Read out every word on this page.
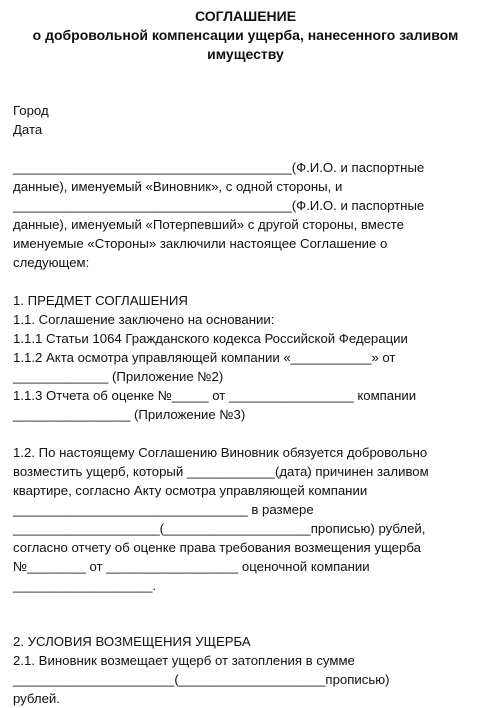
СОГЛАШЕНИЕ
о добровольной компенсации ущерба, нанесенного заливом
имуществу
Город
Дата
______________________________________(Ф.И.О. и паспортные
данные), именуемый «Виновник», с одной стороны, и
______________________________________(Ф.И.О. и паспортные
данные), именуемый «Потерпевший» с другой стороны, вместе
именуемые «Стороны» заключили настоящее Соглашение о
следующем:
1. ПРЕДМЕТ СОГЛАШЕНИЯ
1.1. Соглашение заключено на основании:
1.1.1 Статьи 1064 Гражданского кодекса Российской Федерации
1.1.2 Акта осмотра управляющей компании «___________» от
_____________ (Приложение №2)
1.1.3 Отчета об оценке №_____ от _________________ компании
________________ (Приложение №3)
1.2. По настоящему Соглашению Виновник обязуется добровольно
возместить ущерб, который ____________(дата) причинен заливом
квартире, согласно Акту осмотра управляющей компании
________________________________ в размере
____________________(____________________прописью) рублей,
согласно отчету об оценке права требования возмещения ущерба
№________ от __________________ оценочной компании
___________________.
2. УСЛОВИЯ ВОЗМЕЩЕНИЯ УЩЕРБА
2.1. Виновник возмещает ущерб от затопления в сумме
______________________(____________________прописью)
рублей.
